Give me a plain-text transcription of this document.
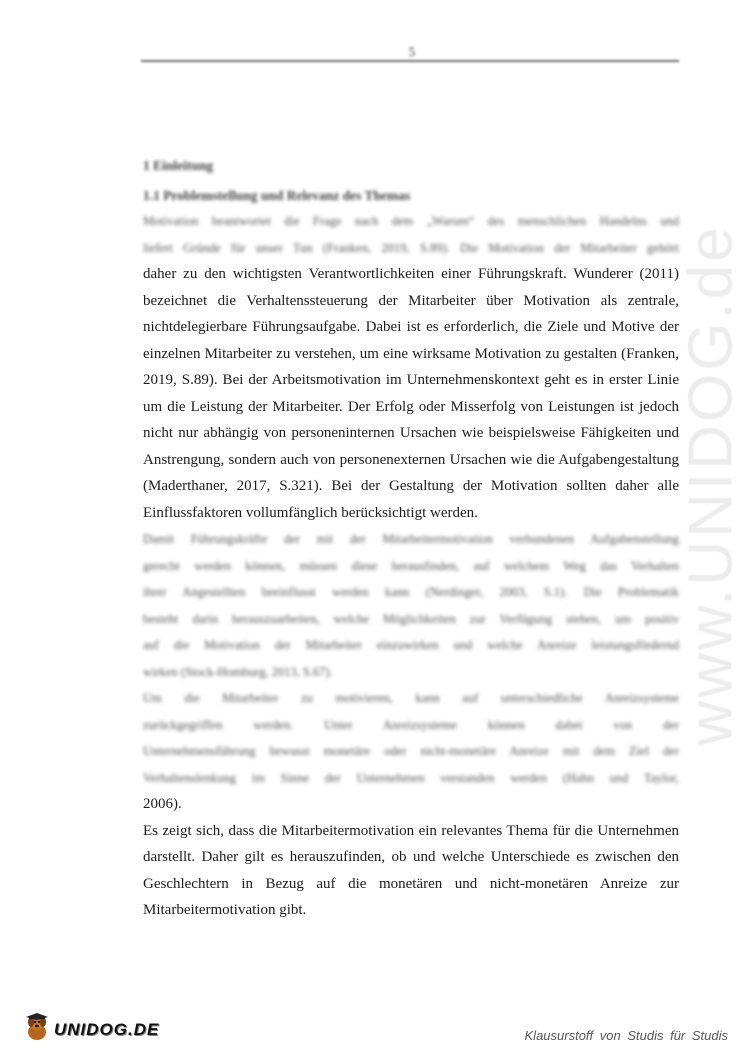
5
www.UNIDOG.de

1 Einleitung

1.1 Problemstellung und Relevanz des Themas

Motivation beantwortet die Frage nach dem „Warum“ des menschlichen Handelns und
liefert Gründe für unser Tun (Franken, 2019, S.89). Die Motivation der Mitarbeiter gehört
daher zu den wichtigsten Verantwortlichkeiten einer Führungskraft. Wunderer (2011)
bezeichnet die Verhaltenssteuerung der Mitarbeiter über Motivation als zentrale,
nichtdelegierbare Führungsaufgabe. Dabei ist es erforderlich, die Ziele und Motive der
einzelnen Mitarbeiter zu verstehen, um eine wirksame Motivation zu gestalten (Franken,
2019, S.89). Bei der Arbeitsmotivation im Unternehmenskontext geht es in erster Linie
um die Leistung der Mitarbeiter. Der Erfolg oder Misserfolg von Leistungen ist jedoch
nicht nur abhängig von personeninternen Ursachen wie beispielsweise Fähigkeiten und
Anstrengung, sondern auch von personenexternen Ursachen wie die Aufgabengestaltung
(Maderthaner, 2017, S.321). Bei der Gestaltung der Motivation sollten daher alle
Einflussfaktoren vollumfänglich berücksichtigt werden.
Damit Führungskräfte der mit der Mitarbeitermotivation verbundenen Aufgabenstellung
gerecht werden können, müssen diese herausfinden, auf welchem Weg das Verhalten
ihrer Angestellten beeinflusst werden kann (Nerdinger, 2003, S.1). Die Problematik
besteht darin herauszuarbeiten, welche Möglichkeiten zur Verfügung stehen, um positiv
auf die Motivation der Mitarbeiter einzuwirken und welche Anreize leistungsfördernd
wirken (Stock-Homburg, 2013, S.67).
Um die Mitarbeiter zu motivieren, kann auf unterschiedliche Anreizsysteme
zurückgegriffen werden. Unter Anreizsysteme können dabei von der
Unternehmensführung bewusst monetäre oder nicht-monetäre Anreize mit dem Ziel der
Verhaltenslenkung im Sinne der Unternehmen verstanden werden (Hahn und Taylor,
2006).
Es zeigt sich, dass die Mitarbeitermotivation ein relevantes Thema für die Unternehmen
darstellt. Daher gilt es herauszufinden, ob und welche Unterschiede es zwischen den
Geschlechtern in Bezug auf die monetären und nicht-monetären Anreize zur
Mitarbeitermotivation gibt.
UNIDOG.DE	Klausurstoff von Studis für Studis
